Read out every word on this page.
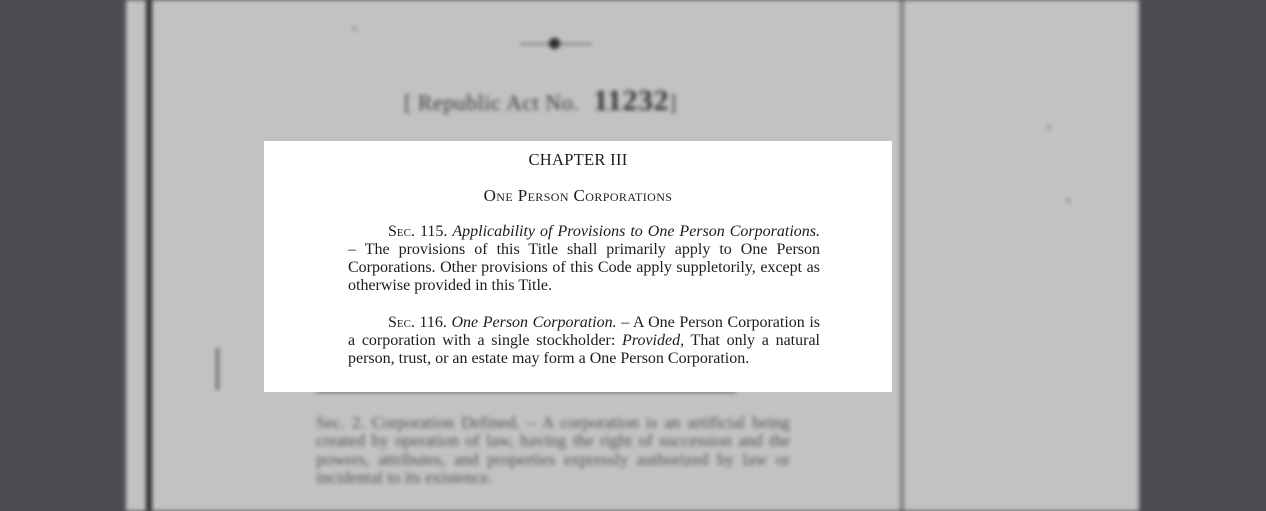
[ Republic Act No. 11232]
Sec. 2. Corporation Defined. – A corporation is an artificial being created by operation of law, having the right of succession and the powers, attributes, and properties expressly authorized by law or incidental to its existence.
CHAPTER III
One Person Corporations
Sec. 115. Applicability of Provisions to One Person Corporations. – The provisions of this Title shall primarily apply to One Person Corporations. Other provisions of this Code apply suppletorily, except as otherwise provided in this Title.
Sec. 116. One Person Corporation. – A One Person Corporation is a corporation with a single stockholder: Provided, That only a natural person, trust, or an estate may form a One Person Corporation.
